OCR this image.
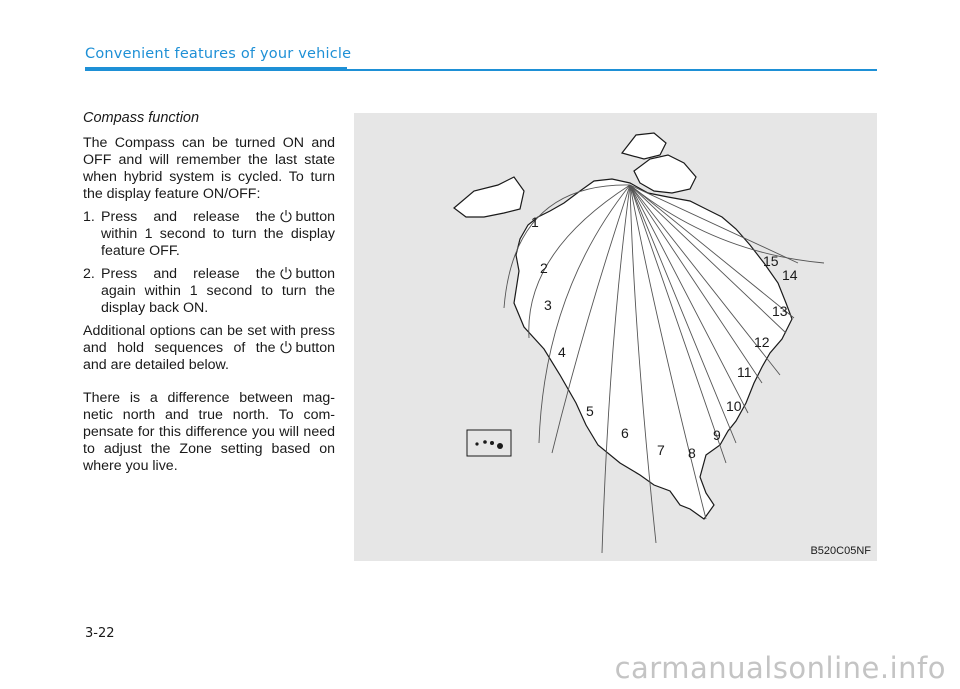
Convenient features of your vehicle

Compass function

The Compass can be turned ON and OFF and will remember the last state when hybrid system is cycled. To turn the display feature ON/OFF:

1. Press and release the button within 1 second to turn the display feature OFF.
2. Press and release the button again within 1 second to turn the display back ON.

Additional options can be set with press and hold sequences of the button and are detailed below.

There is a difference between mag- netic north and true north. To com- pensate for this difference you will need to adjust the Zone setting based on where you live.

1
2
3
4
5
6
7 8
9
10
11
12
13
14
15
B520C05NF
3-22
carmanualsonline.info
